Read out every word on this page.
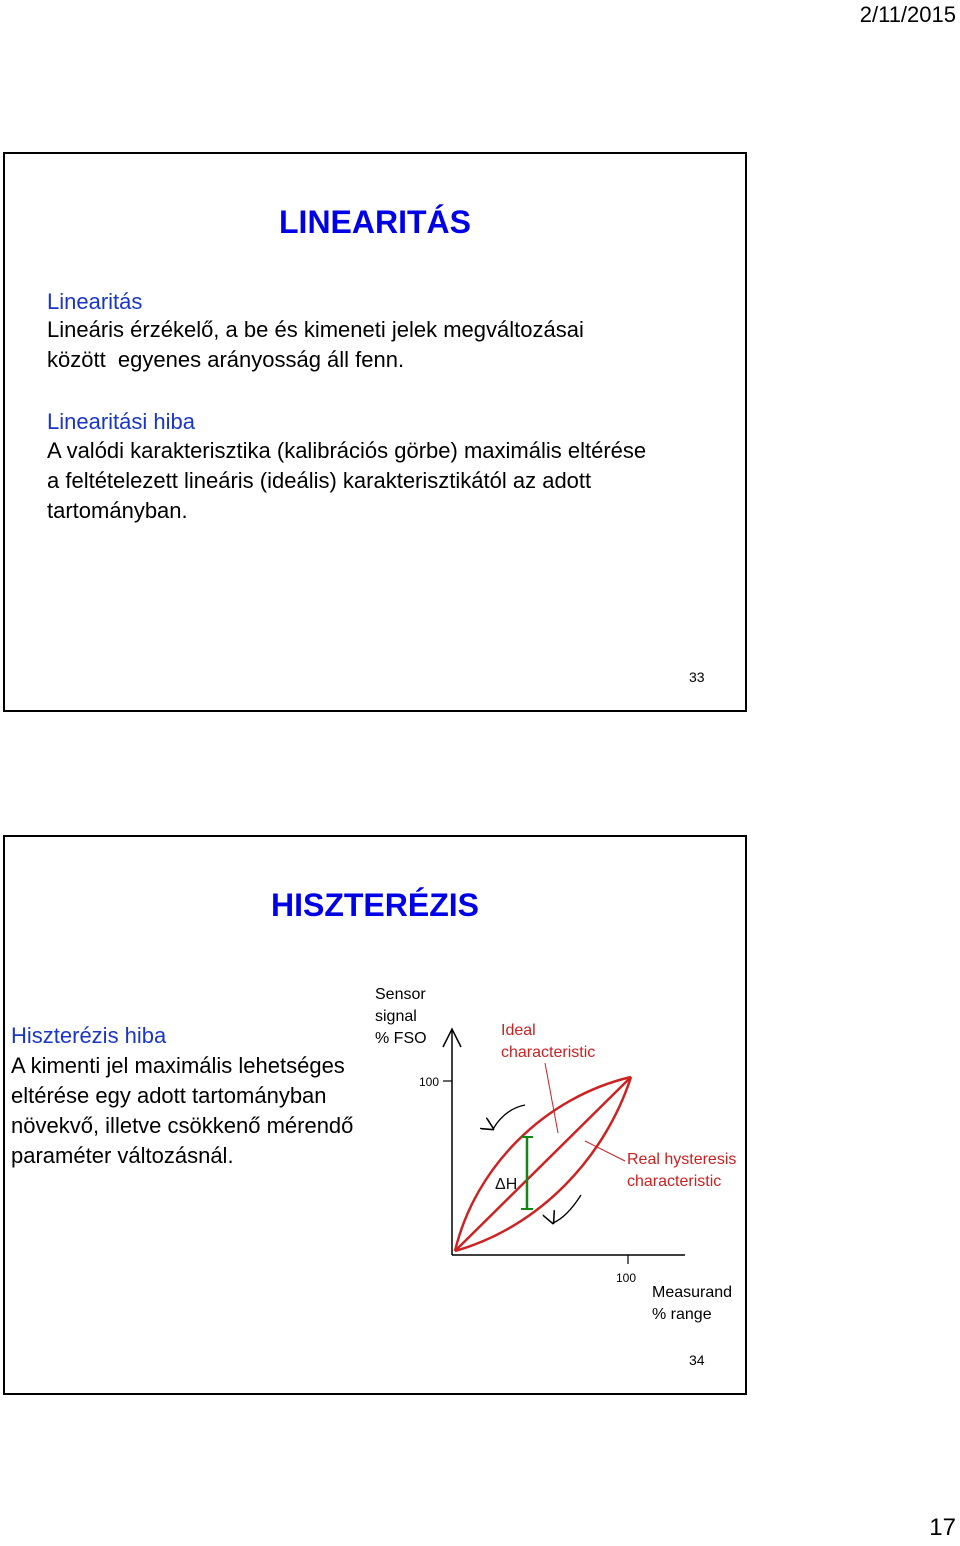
2/11/2015
LINEARITÁS
Linearitás
Lineáris érzékelő, a be és kimeneti jelek megváltozásai
között  egyenes arányosság áll fenn.
Linearitási hiba
A valódi karakterisztika (kalibrációs görbe) maximális eltérése
a feltételezett lineáris (ideális) karakterisztikától az adott
tartományban.
33
HISZTERÉZIS
Hiszterézis hiba
A kimenti jel maximális lehetséges
eltérése egy adott tartományban
növekvő, illetve csökkenő mérendő
paraméter változásnál.
Sensor
signal
% FSO
100
100
Measurand
% range
ΔH
Ideal
characteristic
Real hysteresis
characteristic
34
17
